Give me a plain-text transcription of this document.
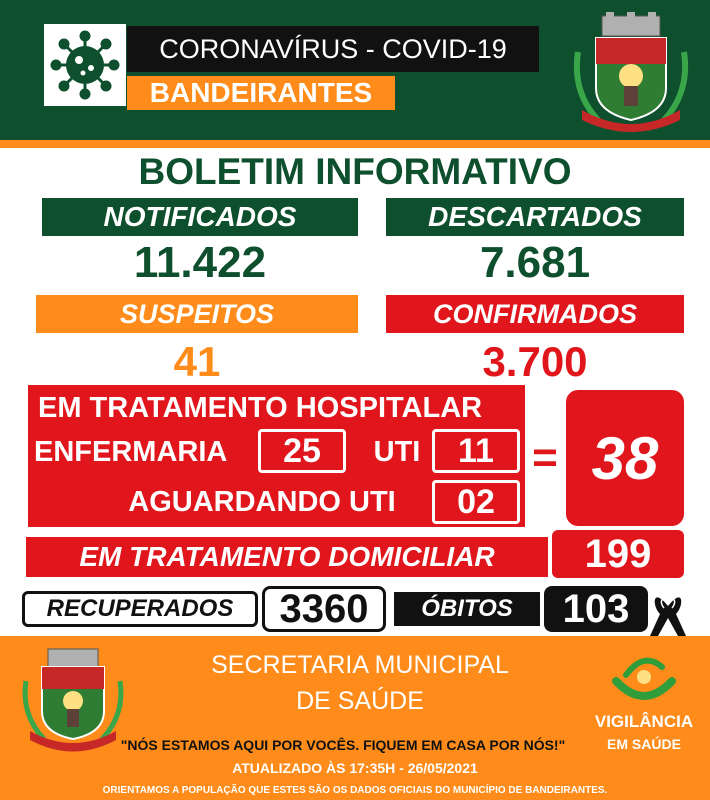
CORONAVÍRUS - COVID-19
BANDEIRANTES
BOLETIM INFORMATIVO
NOTIFICADOS
11.422
DESCARTADOS
7.681
SUSPEITOS
41
CONFIRMADOS
3.700
EM TRATAMENTO HOSPITALAR
ENFERMARIA	25	UTI	11
AGUARDANDO UTI	02
= 38
EM TRATAMENTO DOMICILIAR	199
RECUPERADOS	3360	ÓBITOS	103
SECRETARIA MUNICIPAL
DE SAÚDE
VIGILÂNCIA
EM SAÚDE
"NÓS ESTAMOS AQUI POR VOCÊS. FIQUEM EM CASA POR NÓS!"
ATUALIZADO ÀS 17:35H - 26/05/2021
ORIENTAMOS A POPULAÇÃO QUE ESTES SÃO OS DADOS OFICIAIS DO MUNICÍPIO DE BANDEIRANTES.
